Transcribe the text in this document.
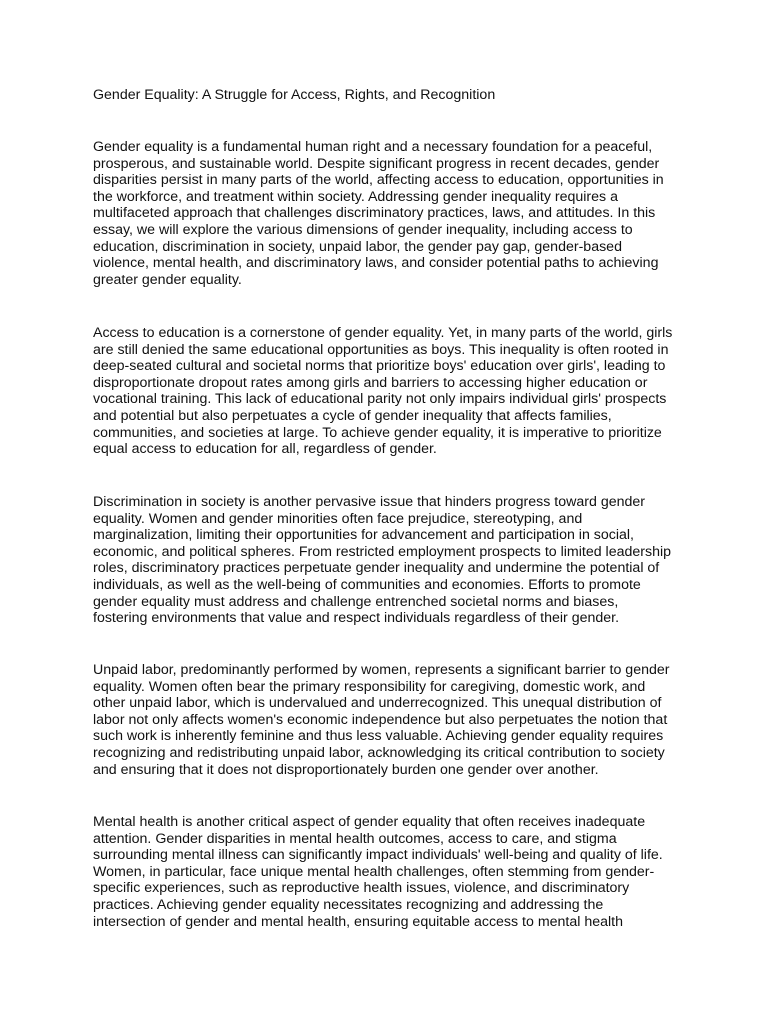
Gender Equality: A Struggle for Access, Rights, and Recognition

Gender equality is a fundamental human right and a necessary foundation for a peaceful,
prosperous, and sustainable world. Despite significant progress in recent decades, gender
disparities persist in many parts of the world, affecting access to education, opportunities in
the workforce, and treatment within society. Addressing gender inequality requires a
multifaceted approach that challenges discriminatory practices, laws, and attitudes. In this
essay, we will explore the various dimensions of gender inequality, including access to
education, discrimination in society, unpaid labor, the gender pay gap, gender-based
violence, mental health, and discriminatory laws, and consider potential paths to achieving
greater gender equality.

Access to education is a cornerstone of gender equality. Yet, in many parts of the world, girls
are still denied the same educational opportunities as boys. This inequality is often rooted in
deep-seated cultural and societal norms that prioritize boys' education over girls', leading to
disproportionate dropout rates among girls and barriers to accessing higher education or
vocational training. This lack of educational parity not only impairs individual girls' prospects
and potential but also perpetuates a cycle of gender inequality that affects families,
communities, and societies at large. To achieve gender equality, it is imperative to prioritize
equal access to education for all, regardless of gender.

Discrimination in society is another pervasive issue that hinders progress toward gender
equality. Women and gender minorities often face prejudice, stereotyping, and
marginalization, limiting their opportunities for advancement and participation in social,
economic, and political spheres. From restricted employment prospects to limited leadership
roles, discriminatory practices perpetuate gender inequality and undermine the potential of
individuals, as well as the well-being of communities and economies. Efforts to promote
gender equality must address and challenge entrenched societal norms and biases,
fostering environments that value and respect individuals regardless of their gender.

Unpaid labor, predominantly performed by women, represents a significant barrier to gender
equality. Women often bear the primary responsibility for caregiving, domestic work, and
other unpaid labor, which is undervalued and underrecognized. This unequal distribution of
labor not only affects women's economic independence but also perpetuates the notion that
such work is inherently feminine and thus less valuable. Achieving gender equality requires
recognizing and redistributing unpaid labor, acknowledging its critical contribution to society
and ensuring that it does not disproportionately burden one gender over another.

Mental health is another critical aspect of gender equality that often receives inadequate
attention. Gender disparities in mental health outcomes, access to care, and stigma
surrounding mental illness can significantly impact individuals' well-being and quality of life.
Women, in particular, face unique mental health challenges, often stemming from gender-
specific experiences, such as reproductive health issues, violence, and discriminatory
practices. Achieving gender equality necessitates recognizing and addressing the
intersection of gender and mental health, ensuring equitable access to mental health
